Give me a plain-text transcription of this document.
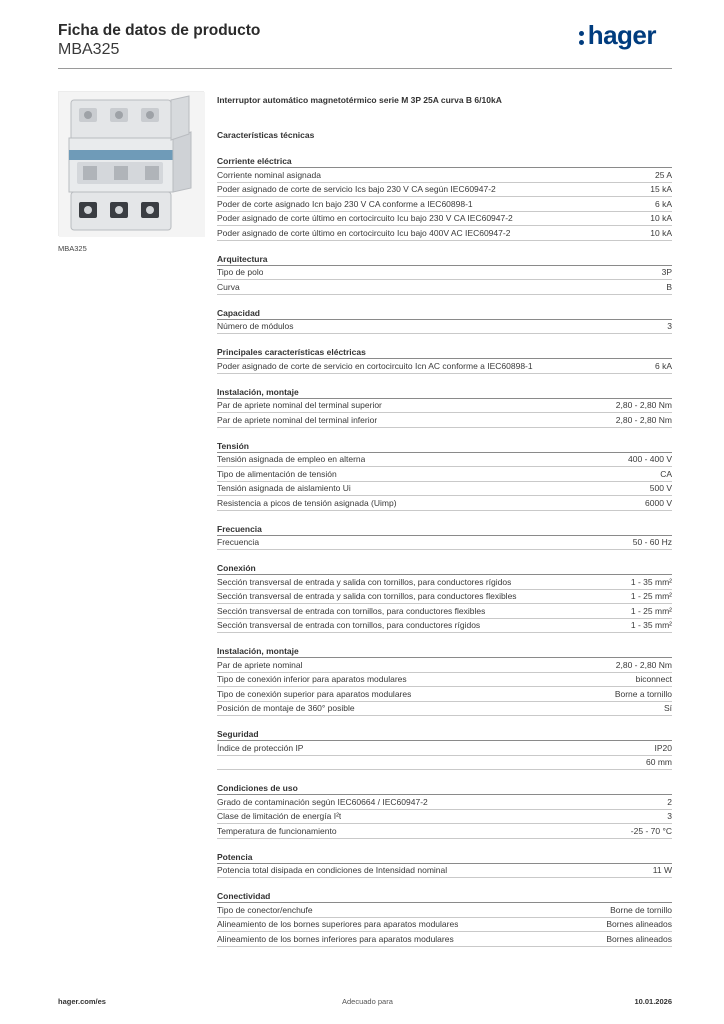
Ficha de datos de producto
MBA325	hager
MBA325
Interruptor automático magnetotérmico serie M 3P 25A curva B 6/10kA
Características técnicas
Corriente eléctrica
Corriente nominal asignada	25 A
Poder asignado de corte de servicio Ics bajo 230 V CA según IEC60947-2	15 kA
Poder de corte asignado Icn bajo 230 V CA conforme a IEC60898-1	6 kA
Poder asignado de corte último en cortocircuito Icu bajo 230 V CA IEC60947-2	10 kA
Poder asignado de corte último en cortocircuito Icu bajo 400V AC IEC60947-2	10 kA
Arquitectura
Tipo de polo	3P
Curva	B
Capacidad
Número de módulos	3
Principales características eléctricas
Poder asignado de corte de servicio en cortocircuito Icn AC conforme a IEC60898-1	6 kA
Instalación, montaje
Par de apriete nominal del terminal superior	2,80 - 2,80 Nm
Par de apriete nominal del terminal inferior	2,80 - 2,80 Nm
Tensión
Tensión asignada de empleo en alterna	400 - 400 V
Tipo de alimentación de tensión	CA
Tensión asignada de aislamiento Ui	500 V
Resistencia a picos de tensión asignada (Uimp)	6000 V
Frecuencia
Frecuencia	50 - 60 Hz
Conexión
Sección transversal de entrada y salida con tornillos, para conductores rígidos	1 - 35 mm²
Sección transversal de entrada y salida con tornillos, para conductores flexibles	1 - 25 mm²
Sección transversal de entrada con tornillos, para conductores flexibles	1 - 25 mm²
Sección transversal de entrada con tornillos, para conductores rígidos	1 - 35 mm²
Instalación, montaje
Par de apriete nominal	2,80 - 2,80 Nm
Tipo de conexión inferior para aparatos modulares	biconnect
Tipo de conexión superior para aparatos modulares	Borne a tornillo
Posición de montaje de 360° posible	Sí
Seguridad
Índice de protección IP	IP20
60 mm
Condiciones de uso
Grado de contaminación según IEC60664 / IEC60947-2	2
Clase de limitación de energía I²t	3
Temperatura de funcionamiento	-25 - 70 °C
Potencia
Potencia total disipada en condiciones de Intensidad nominal	11 W
Conectividad
Tipo de conector/enchufe	Borne de tornillo
Alineamiento de los bornes superiores para aparatos modulares	Bornes alineados
Alineamiento de los bornes inferiores para aparatos modulares	Bornes alineados
hager.com/es	Adecuado para	10.01.2026
